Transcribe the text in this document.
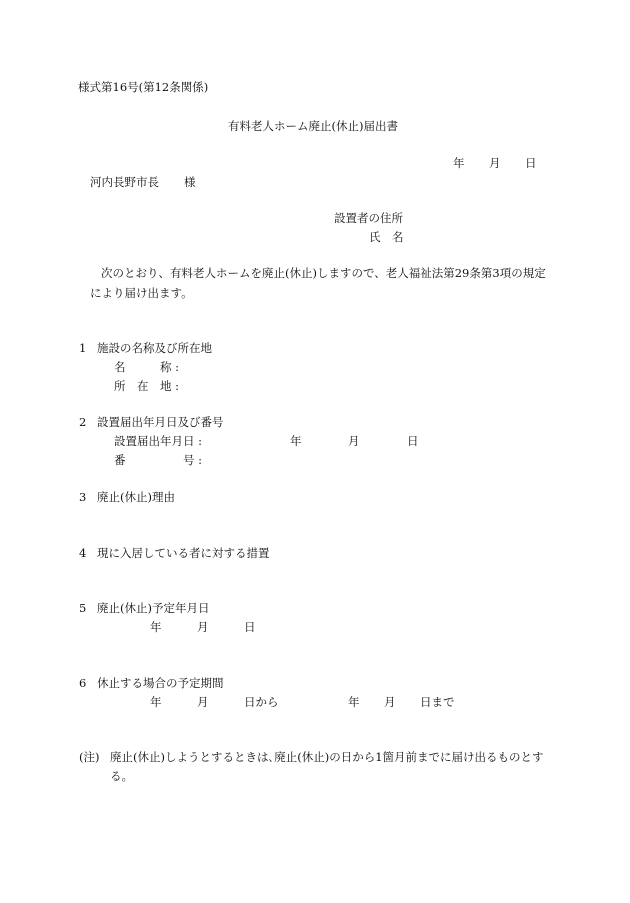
様式第16号(第12条関係)
有料老人ホーム廃止(休止)届出書
年 月 日
河内長野市長 様
設置者の住所
氏　名
次のとおり、有料老人ホームを廃止(休止)しますので、老人福祉法第29条第3項の規定
により届け出ます。
1 施設の名称及び所在地
名　　　称 :
所　在　地 :
2 設置届出年月日及び番号
設置届出年月日 :	年	月	日
番　　　　　号 :
3 廃止(休止)理由
4 現に入居している者に対する措置
5 廃止(休止)予定年月日
年	月	日
6 休止する場合の予定期間
年	月	日から	年 月 日まで
(注) 廃止(休止)しようとするときは､廃止(休止)の日から1箇月前までに届け出るものとす
る。
